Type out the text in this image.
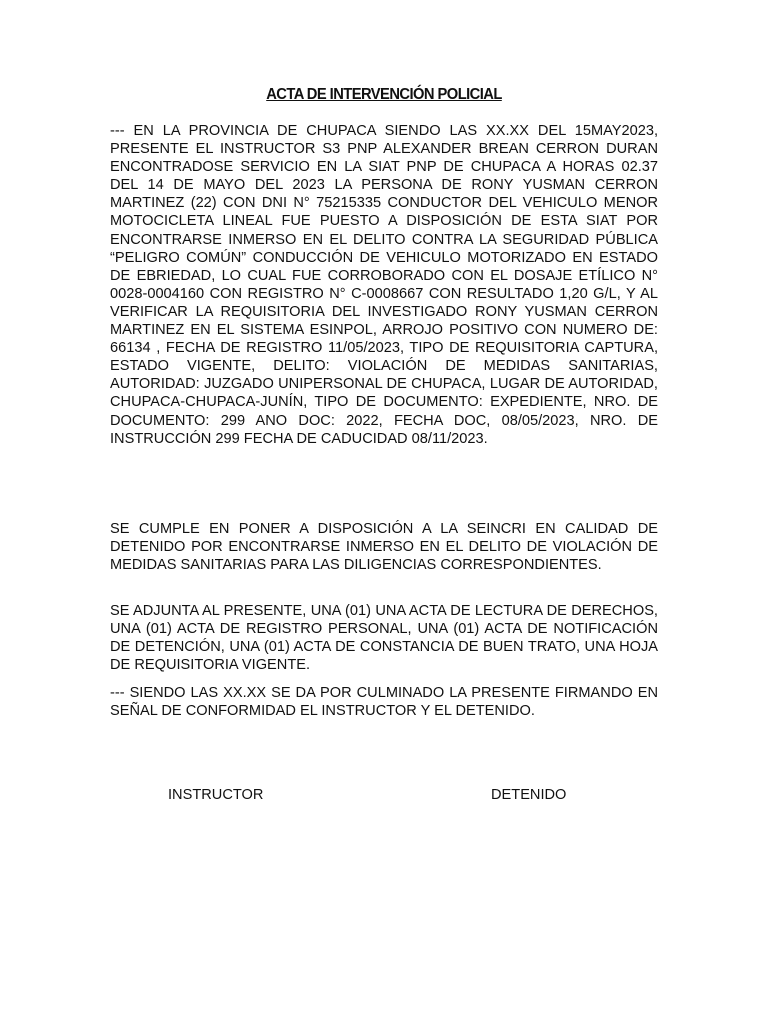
ACTA DE INTERVENCIÓN POLICIAL

--- EN LA PROVINCIA DE CHUPACA SIENDO LAS XX.XX DEL 15MAY2023, PRESENTE EL INSTRUCTOR S3 PNP ALEXANDER BREAN CERRON DURAN ENCONTRADOSE SERVICIO EN LA SIAT PNP DE CHUPACA A HORAS 02.37 DEL 14 DE MAYO DEL 2023 LA PERSONA DE RONY YUSMAN CERRON MARTINEZ (22) CON DNI N° 75215335 CONDUCTOR DEL VEHICULO MENOR MOTOCICLETA LINEAL FUE PUESTO A DISPOSICIÓN DE ESTA SIAT POR ENCONTRARSE INMERSO EN EL DELITO CONTRA LA SEGURIDAD PÚBLICA “PELIGRO COMÚN” CONDUCCIÓN DE VEHICULO MOTORIZADO EN ESTADO DE EBRIEDAD, LO CUAL FUE CORROBORADO CON EL DOSAJE ETÍLICO N° 0028-0004160 CON REGISTRO N° C-0008667 CON RESULTADO 1,20 G/L, Y AL VERIFICAR LA REQUISITORIA DEL INVESTIGADO RONY YUSMAN CERRON MARTINEZ EN EL SISTEMA ESINPOL, ARROJO POSITIVO CON NUMERO DE: 66134 , FECHA DE REGISTRO 11/05/2023, TIPO DE REQUISITORIA CAPTURA, ESTADO VIGENTE, DELITO: VIOLACIÓN DE MEDIDAS SANITARIAS, AUTORIDAD: JUZGADO UNIPERSONAL DE CHUPACA, LUGAR DE AUTORIDAD, CHUPACA-CHUPACA-JUNÍN, TIPO DE DOCUMENTO: EXPEDIENTE, NRO. DE DOCUMENTO: 299 ANO DOC: 2022, FECHA DOC, 08/05/2023, NRO. DE INSTRUCCIÓN 299 FECHA DE CADUCIDAD 08/11/2023.

SE CUMPLE EN PONER A DISPOSICIÓN A LA SEINCRI EN CALIDAD DE DETENIDO POR ENCONTRARSE INMERSO EN EL DELITO DE VIOLACIÓN DE MEDIDAS SANITARIAS PARA LAS DILIGENCIAS CORRESPONDIENTES.

SE ADJUNTA AL PRESENTE, UNA (01) UNA ACTA DE LECTURA DE DERECHOS, UNA (01) ACTA DE REGISTRO PERSONAL, UNA (01) ACTA DE NOTIFICACIÓN DE DETENCIÓN, UNA (01) ACTA DE CONSTANCIA DE BUEN TRATO, UNA HOJA DE REQUISITORIA VIGENTE.

--- SIENDO LAS XX.XX SE DA POR CULMINADO LA PRESENTE FIRMANDO EN SEÑAL DE CONFORMIDAD EL INSTRUCTOR Y EL DETENIDO.

INSTRUCTOR	DETENIDO
